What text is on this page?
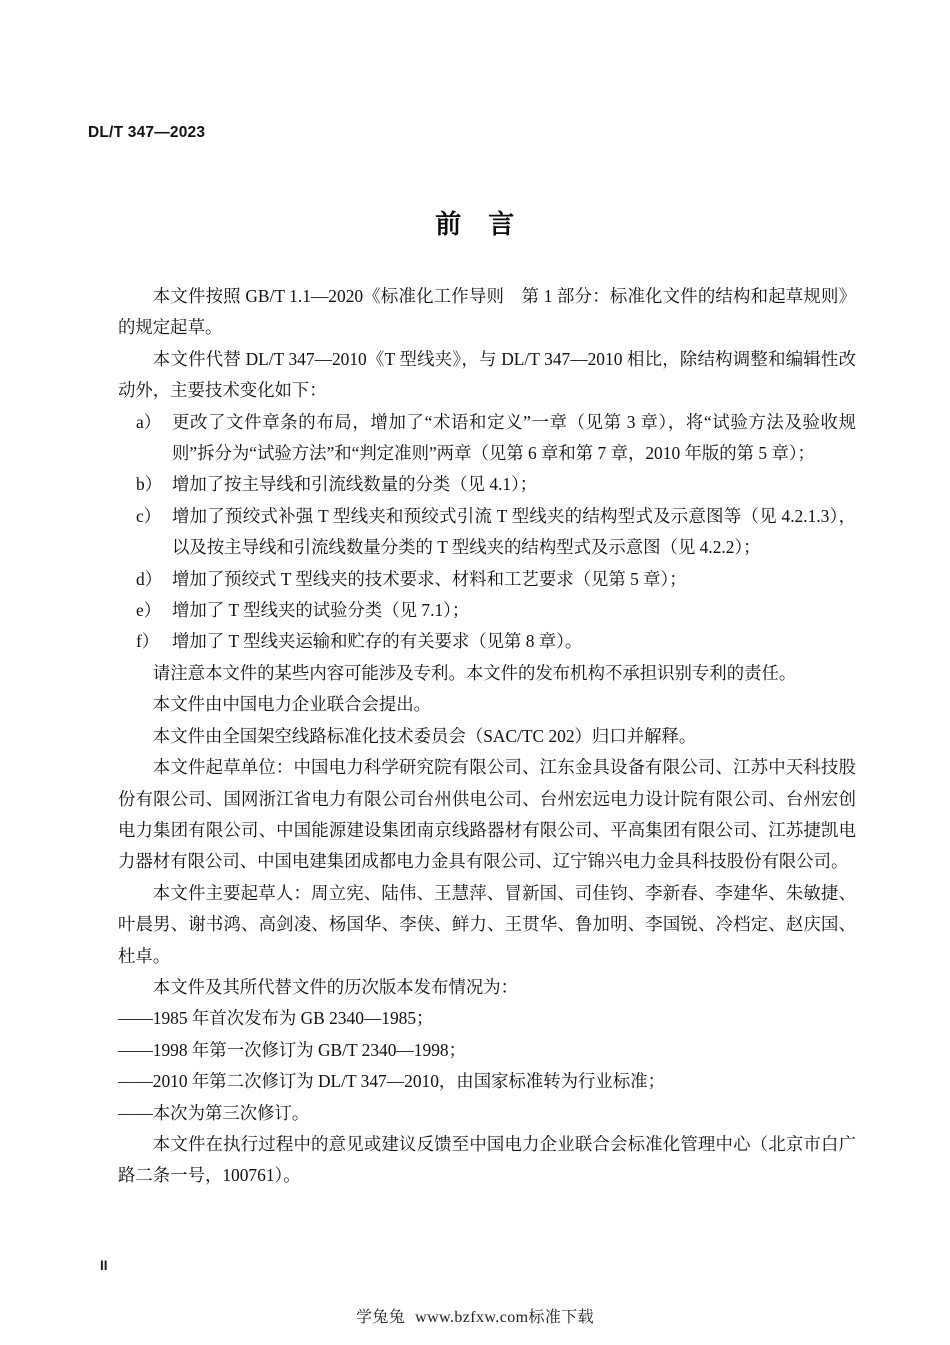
DL/T 347—2023
前　言

本文件按照 GB/T 1.1—2020《标准化工作导则　第 1 部分：标准化文件的结构和起草规则》的规定起草。

本文件代替 DL/T 347—2010《T 型线夹》，与 DL/T 347—2010 相比，除结构调整和编辑性改动外，主要技术变化如下：

a） 更改了文件章条的布局，增加了“术语和定义”一章（见第 3 章），将“试验方法及验收规则”拆分为“试验方法”和“判定准则”两章（见第 6 章和第 7 章，2010 年版的第 5 章）；
b） 增加了按主导线和引流线数量的分类（见 4.1）；
c） 增加了预绞式补强 T 型线夹和预绞式引流 T 型线夹的结构型式及示意图等（见 4.2.1.3），以及按主导线和引流线数量分类的 T 型线夹的结构型式及示意图（见 4.2.2）；
d） 增加了预绞式 T 型线夹的技术要求、材料和工艺要求（见第 5 章）；
e） 增加了 T 型线夹的试验分类（见 7.1）；
f） 增加了 T 型线夹运输和贮存的有关要求（见第 8 章）。

请注意本文件的某些内容可能涉及专利。本文件的发布机构不承担识别专利的责任。

本文件由中国电力企业联合会提出。

本文件由全国架空线路标准化技术委员会（SAC/TC 202）归口并解释。

本文件起草单位：中国电力科学研究院有限公司、江东金具设备有限公司、江苏中天科技股份有限公司、国网浙江省电力有限公司台州供电公司、台州宏远电力设计院有限公司、台州宏创电力集团有限公司、中国能源建设集团南京线路器材有限公司、平高集团有限公司、江苏捷凯电力器材有限公司、中国电建集团成都电力金具有限公司、辽宁锦兴电力金具科技股份有限公司。

本文件主要起草人：周立宪、陆伟、王慧萍、冒新国、司佳钧、李新春、李建华、朱敏捷、叶晨男、谢书鸿、高剑凌、杨国华、李侠、鲜力、王贯华、鲁加明、李国锐、冷档定、赵庆国、杜卓。

本文件及其所代替文件的历次版本发布情况为：

——1985 年首次发布为 GB 2340—1985；

——1998 年第一次修订为 GB/T 2340—1998；

——2010 年第二次修订为 DL/T 347—2010，由国家标准转为行业标准；

——本次为第三次修订。

本文件在执行过程中的意见或建议反馈至中国电力企业联合会标准化管理中心（北京市白广路二条一号，100761）。

II
学兔兔 www.bzfxw.com标准下载
